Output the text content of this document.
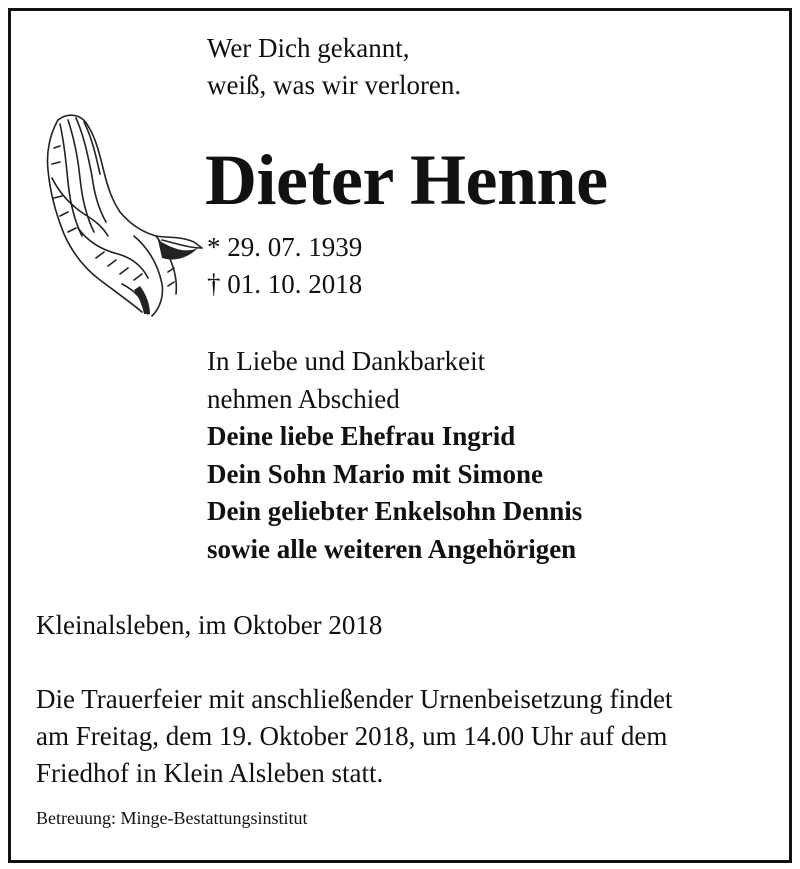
Wer Dich gekannt,
weiß, was wir verloren.
Dieter Henne
* 29. 07. 1939
† 01. 10. 2018
In Liebe und Dankbarkeit
nehmen Abschied
Deine liebe Ehefrau Ingrid
Dein Sohn Mario mit Simone
Dein geliebter Enkelsohn Dennis
sowie alle weiteren Angehörigen
Kleinalsleben, im Oktober 2018
Die Trauerfeier mit anschließender Urnenbeisetzung findet
am Freitag, dem 19. Oktober 2018, um 14.00 Uhr auf dem
Friedhof in Klein Alsleben statt.
Betreuung: Minge-Bestattungsinstitut
